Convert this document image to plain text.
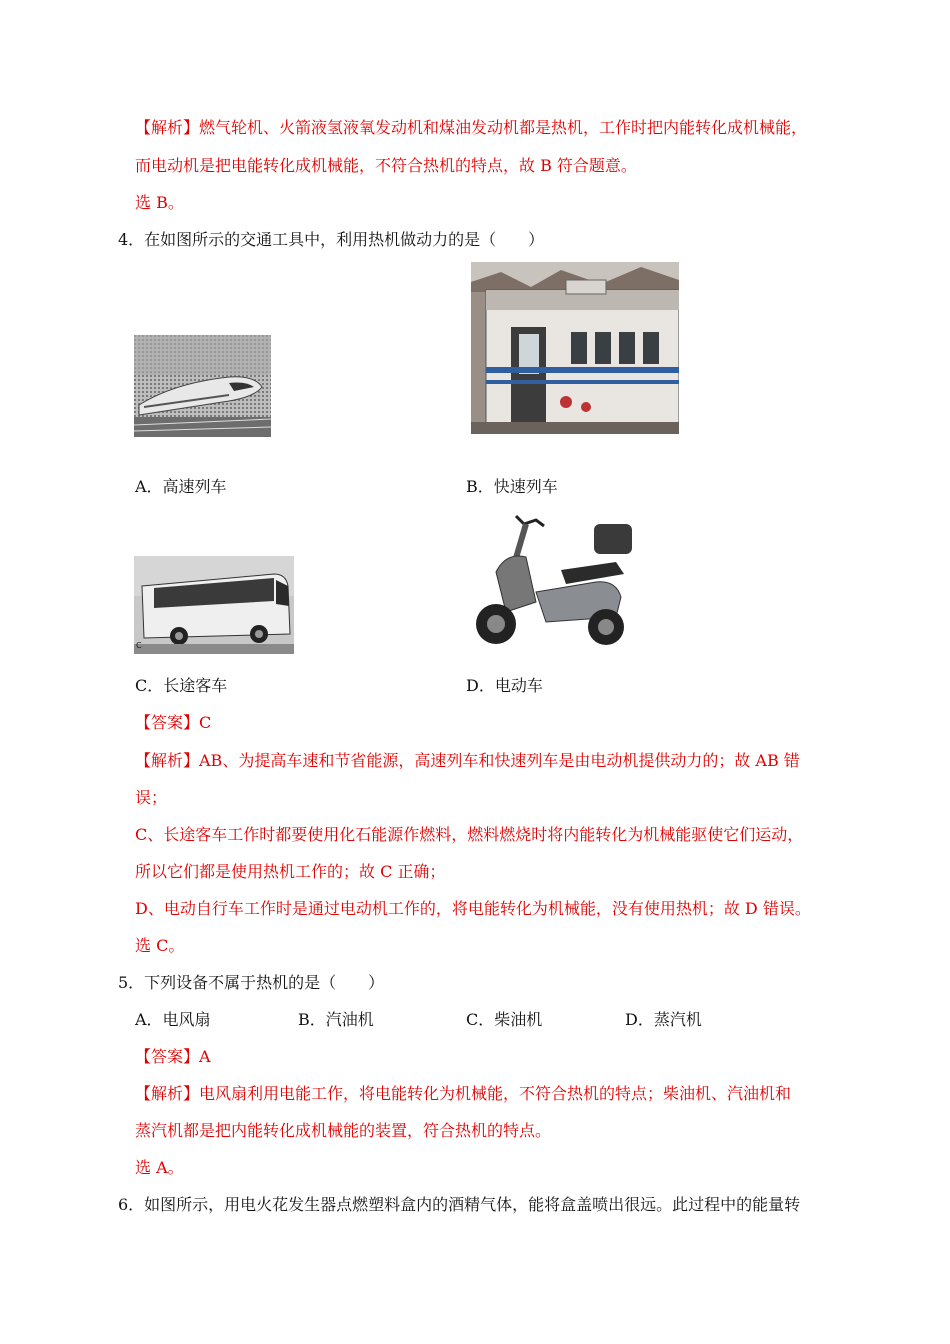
【解析】燃气轮机、火箭液氢液氧发动机和煤油发动机都是热机，工作时把内能转化成机械能，
而电动机是把电能转化成机械能，不符合热机的特点，故 B 符合题意。
选 B。
4．在如图所示的交通工具中，利用热机做动力的是（　　）
A．高速列车	B．快速列车
C
C．长途客车	D．电动车
【答案】C
【解析】AB、为提高车速和节省能源，高速列车和快速列车是由电动机提供动力的；故 AB 错
误；
C、长途客车工作时都要使用化石能源作燃料，燃料燃烧时将内能转化为机械能驱使它们运动，
所以它们都是使用热机工作的；故 C 正确；
D、电动自行车工作时是通过电动机工作的，将电能转化为机械能，没有使用热机；故 D 错误。
选 C。
5．下列设备不属于热机的是（　　）
A．电风扇	B．汽油机	C．柴油机	D．蒸汽机
【答案】A
【解析】电风扇利用电能工作，将电能转化为机械能，不符合热机的特点；柴油机、汽油机和
蒸汽机都是把内能转化成机械能的装置，符合热机的特点。
选 A。
6．如图所示，用电火花发生器点燃塑料盒内的酒精气体，能将盒盖喷出很远。此过程中的能量转
